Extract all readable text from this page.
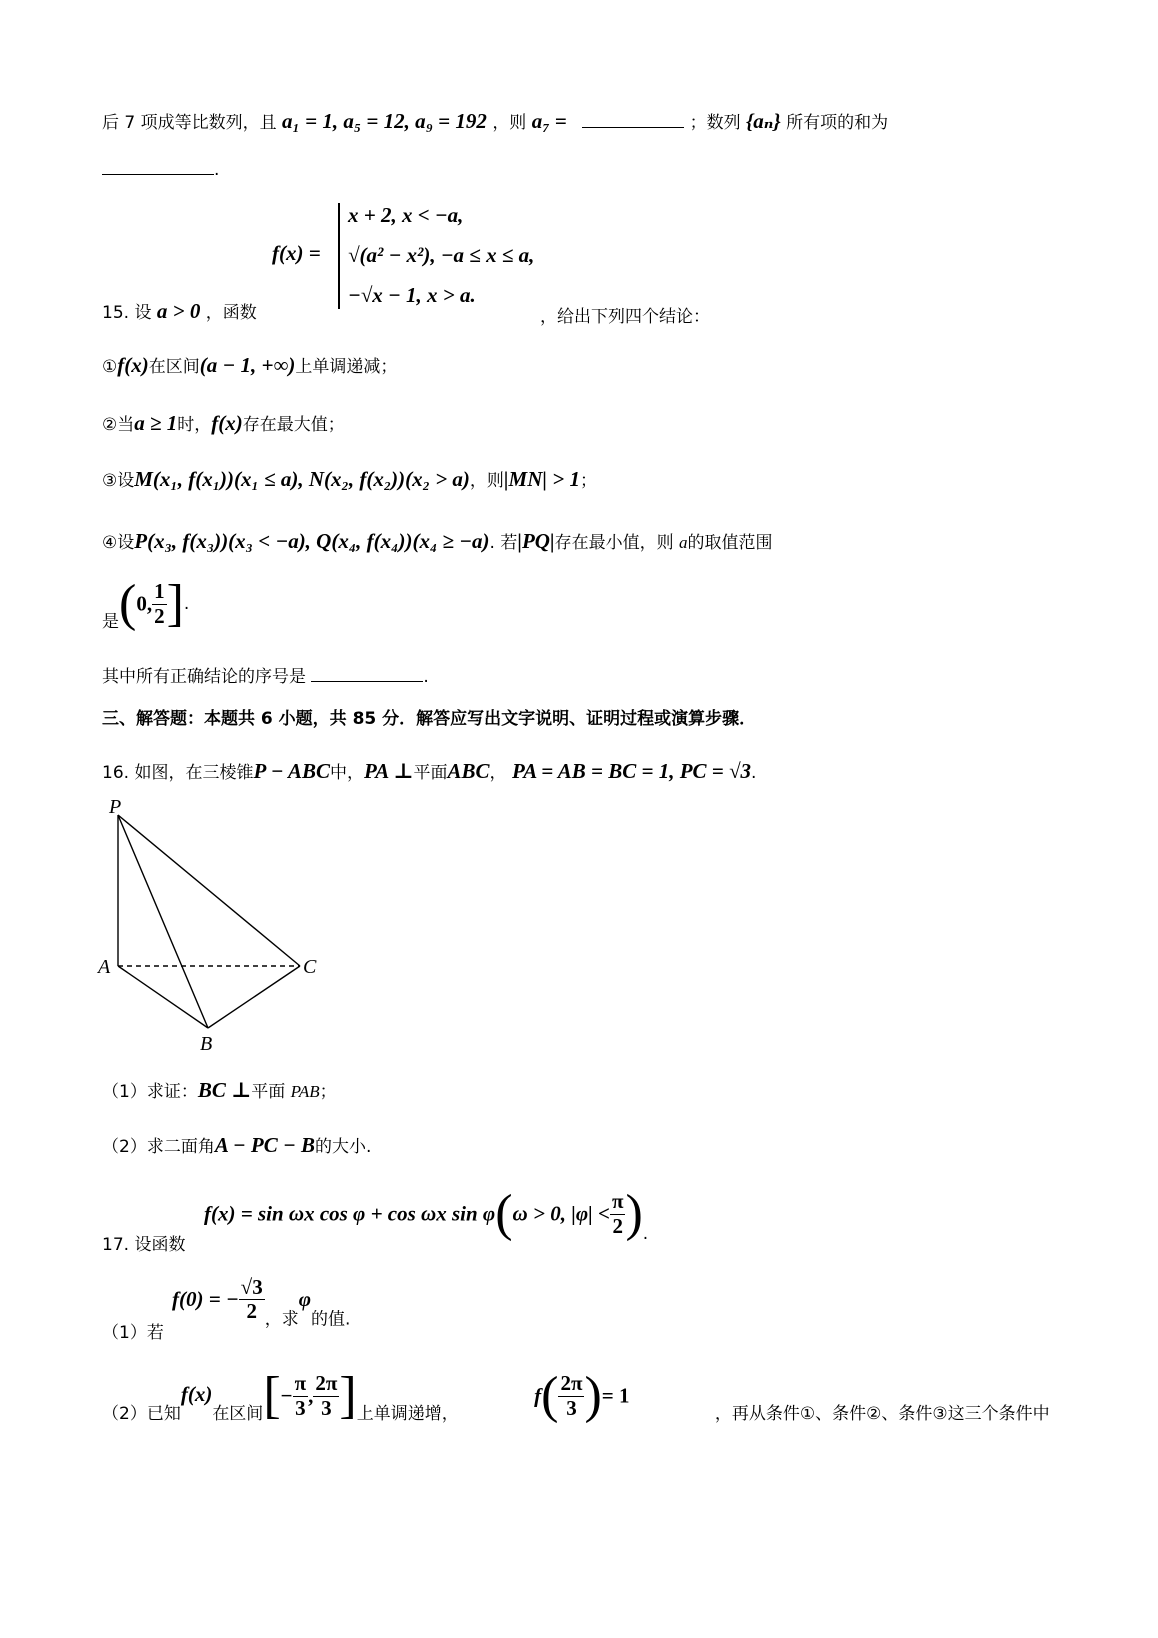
后 7 项成等比数列，且 a₁ = 1, a₅ = 12, a₉ = 192 ，则 a₇ =	；数列 {aₙ} 所有项的和为
.
f(x) =
x + 2, x < −a,
√(a² − x²), −a ≤ x ≤ a,
−√x − 1, x > a.
15. 设 a > 0 ，函数	，给出下列四个结论：
①f(x)在区间(a − 1, +∞)上单调递减；
②当a ≥ 1时，f(x)存在最大值；
③设M(x₁, f(x₁))(x₁ ≤ a), N(x₂, f(x₂))(x₂ > a)，则|MN| > 1；
④设P(x₃, f(x₃))(x₃ < −a), Q(x₄, f(x₄))(x₄ ≥ −a). 若|PQ|存在最小值，则 a的取值范围
是(0, $\frac{1}{2}$ ].
其中所有正确结论的序号是	.
三、解答题：本题共 6 小题，共 85 分．解答应写出文字说明、证明过程或演算步骤．
16. 如图，在三棱锥P − ABC中，PA ⊥平面ABC， PA = AB = BC = 1, PC = √3.
P
A	C
B
（1）求证：BC ⊥平面 PAB；
（2）求二面角A − PC − B的大小.
17. 设函数
f(x) = sin ωx cos φ + cos ωx sin φ(ω > 0, $|\varphi| < \frac{\pi}{2}$ ).
（1）若
f(0) = − $\frac{√3}{2}$ ，求φ的值.
（2）已知f(x)在区间[− $\frac{\pi}{3}$ , $\frac{2\pi}{3}$ ]上单调递增， $f( \frac{2\pi}{3}$ )= 1 ，再从条件①、条件②、条件③这三个条件中
